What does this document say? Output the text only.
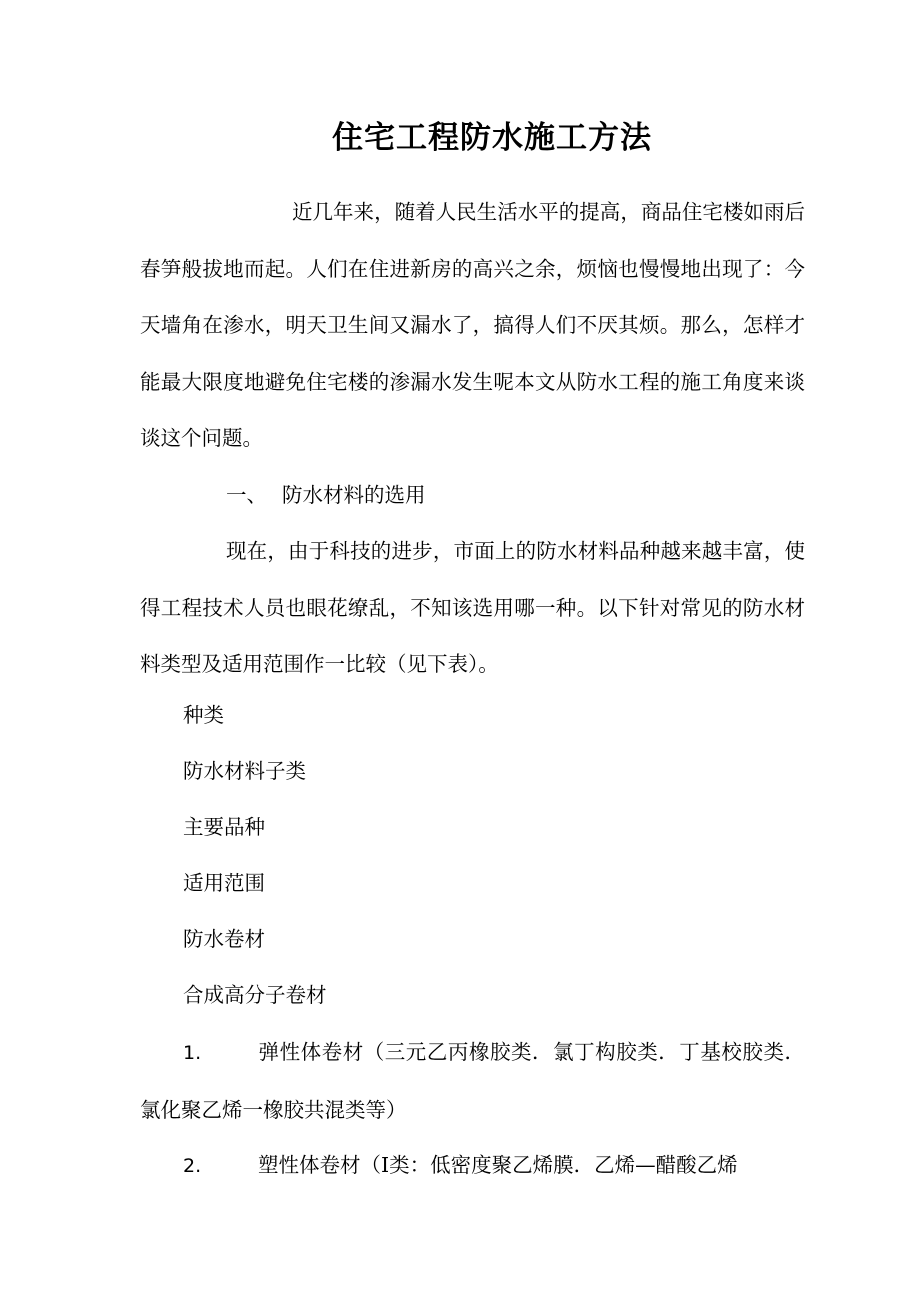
住宅工程防水施工方法

近几年来，随着人民生活水平的提高，商品住宅楼如雨后春笋般拔地而起。人们在住进新房的高兴之余，烦恼也慢慢地出现了：今天墙角在渗水，明天卫生间又漏水了，搞得人们不厌其烦。那么，怎样才能最大限度地避免住宅楼的渗漏水发生呢本文从防水工程的施工角度来谈谈这个问题。

一、 防水材料的选用

现在，由于科技的进步，市面上的防水材料品种越来越丰富，使得工程技术人员也眼花缭乱，不知该选用哪一种。以下针对常见的防水材料类型及适用范围作一比较（见下表）。

种类

防水材料子类

主要品种

适用范围

防水卷材

合成高分子卷材

1.	弹性体卷材（三元乙丙橡胶类．氯丁构胶类．丁基校胶类．氯化聚乙烯一橡胶共混类等）

2.	塑性体卷材（Ⅰ类：低密度聚乙烯膜．乙烯—醋酸乙烯
